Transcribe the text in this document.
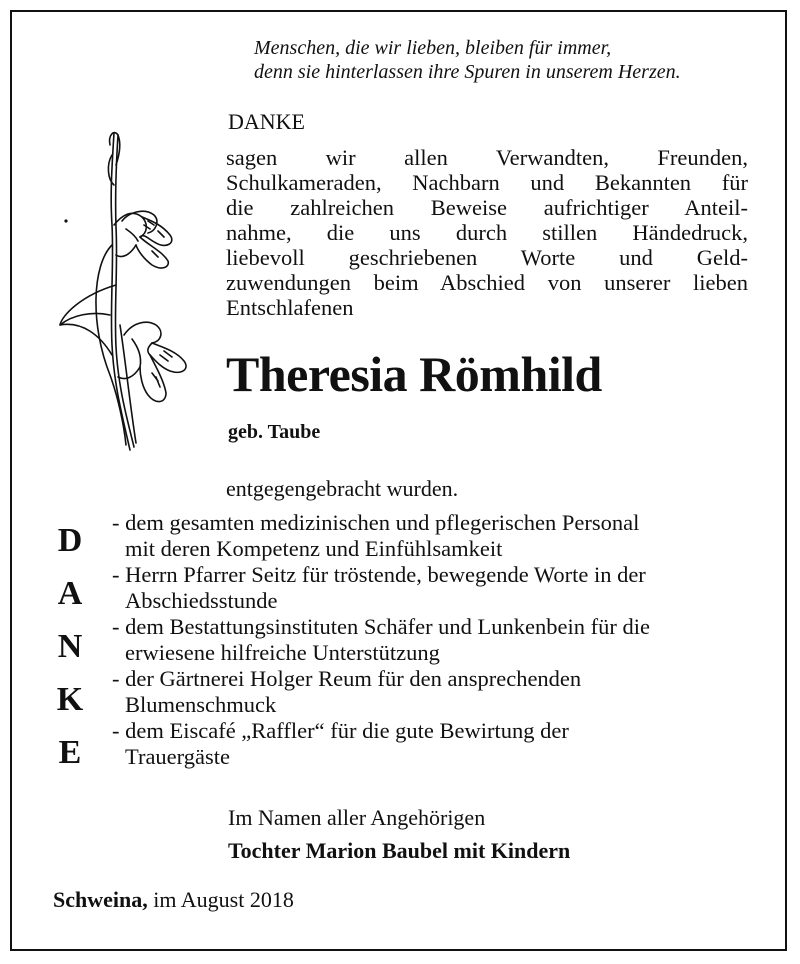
Menschen, die wir lieben, bleiben für immer,
denn sie hinterlassen ihre Spuren in unserem Herzen.
DANKE
sagen wir allen Verwandten, Freunden,
Schulkameraden, Nachbarn und Bekannten für
die zahlreichen Beweise aufrichtiger Anteil-
nahme, die uns durch stillen Händedruck,
liebevoll geschriebenen Worte und Geld-
zuwendungen beim Abschied von unserer lieben
Entschlafenen
Theresia Römhild
geb. Taube
entgegengebracht wurden.
D
A
N
K
E
- dem gesamten medizinischen und pflegerischen Personal
mit deren Kompetenz und Einfühlsamkeit
- Herrn Pfarrer Seitz für tröstende, bewegende Worte in der
Abschiedsstunde
- dem Bestattungsinstituten Schäfer und Lunkenbein für die
erwiesene hilfreiche Unterstützung
- der Gärtnerei Holger Reum für den ansprechenden
Blumenschmuck
- dem Eiscafé „Raffler“ für die gute Bewirtung der
Trauergäste
Im Namen aller Angehörigen
Tochter Marion Baubel mit Kindern
Schweina, im August 2018
